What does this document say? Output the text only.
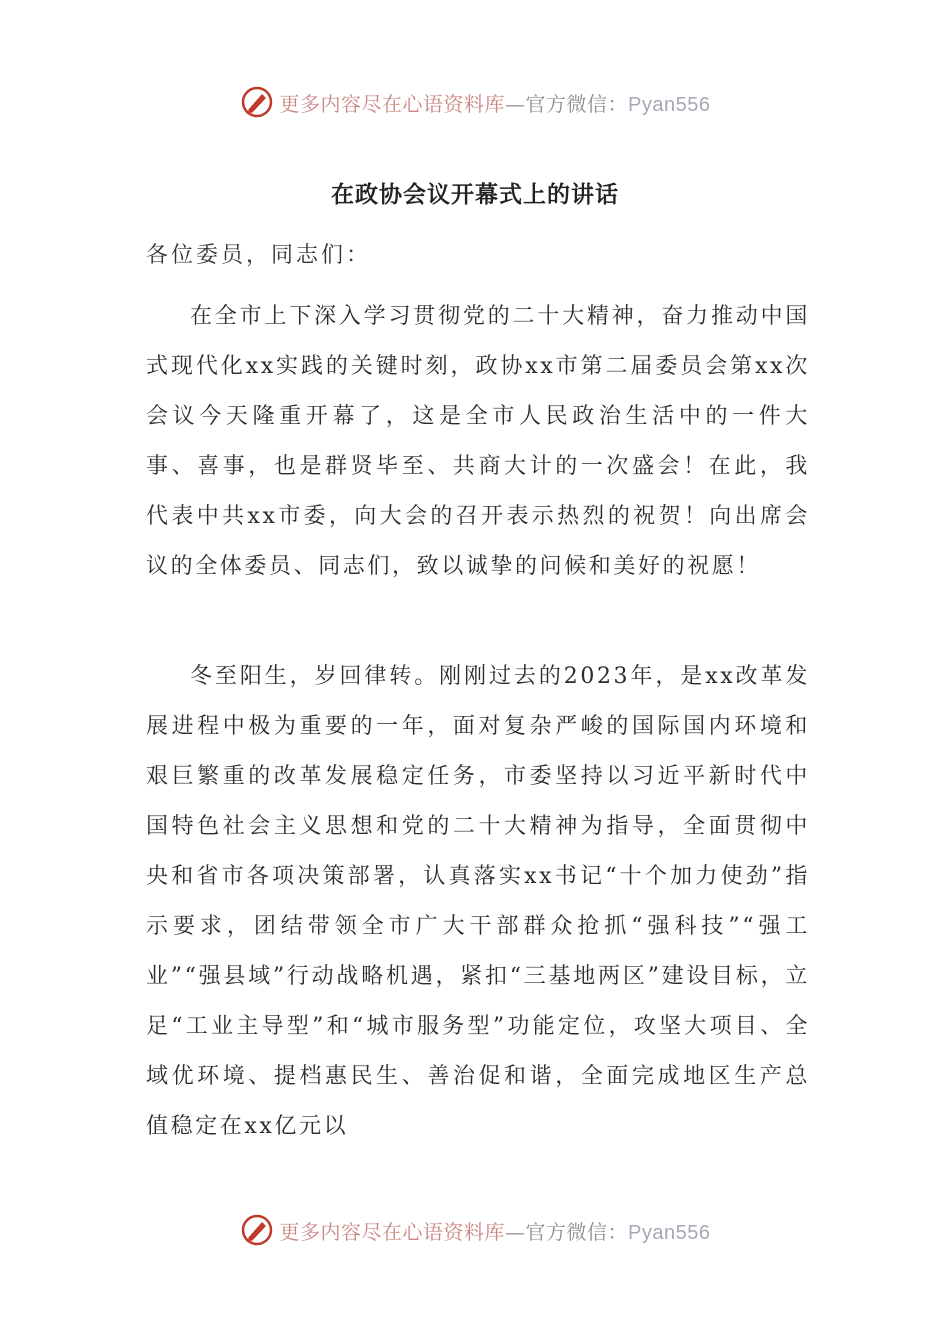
更多内容尽在心语资料库—官方微信：Pyan556
在政协会议开幕式上的讲话
各位委员，同志们：

在全市上下深入学习贯彻党的二十大精神，奋力推动中国式现代化xx实践的关键时刻，政协xx市第二届委员会第xx次会议今天隆重开幕了，这是全市人民政治生活中的一件大事、喜事，也是群贤毕至、共商大计的一次盛会！在此，我代表中共xx市委，向大会的召开表示热烈的祝贺！向出席会议的全体委员、同志们，致以诚挚的问候和美好的祝愿！

冬至阳生，岁回律转。刚刚过去的2023年，是xx改革发展进程中极为重要的一年，面对复杂严峻的国际国内环境和艰巨繁重的改革发展稳定任务，市委坚持以习近平新时代中国特色社会主义思想和党的二十大精神为指导，全面贯彻中央和省市各项决策部署，认真落实xx书记“十个加力使劲”指示要求，团结带领全市广大干部群众抢抓“强科技”“强工业”“强县域”行动战略机遇，紧扣“三基地两区”建设目标，立足“工业主导型”和“城市服务型”功能定位，攻坚大项目、全域优环境、提档惠民生、善治促和谐，全面完成地区生产总值稳定在xx亿元以

更多内容尽在心语资料库—官方微信：Pyan556
